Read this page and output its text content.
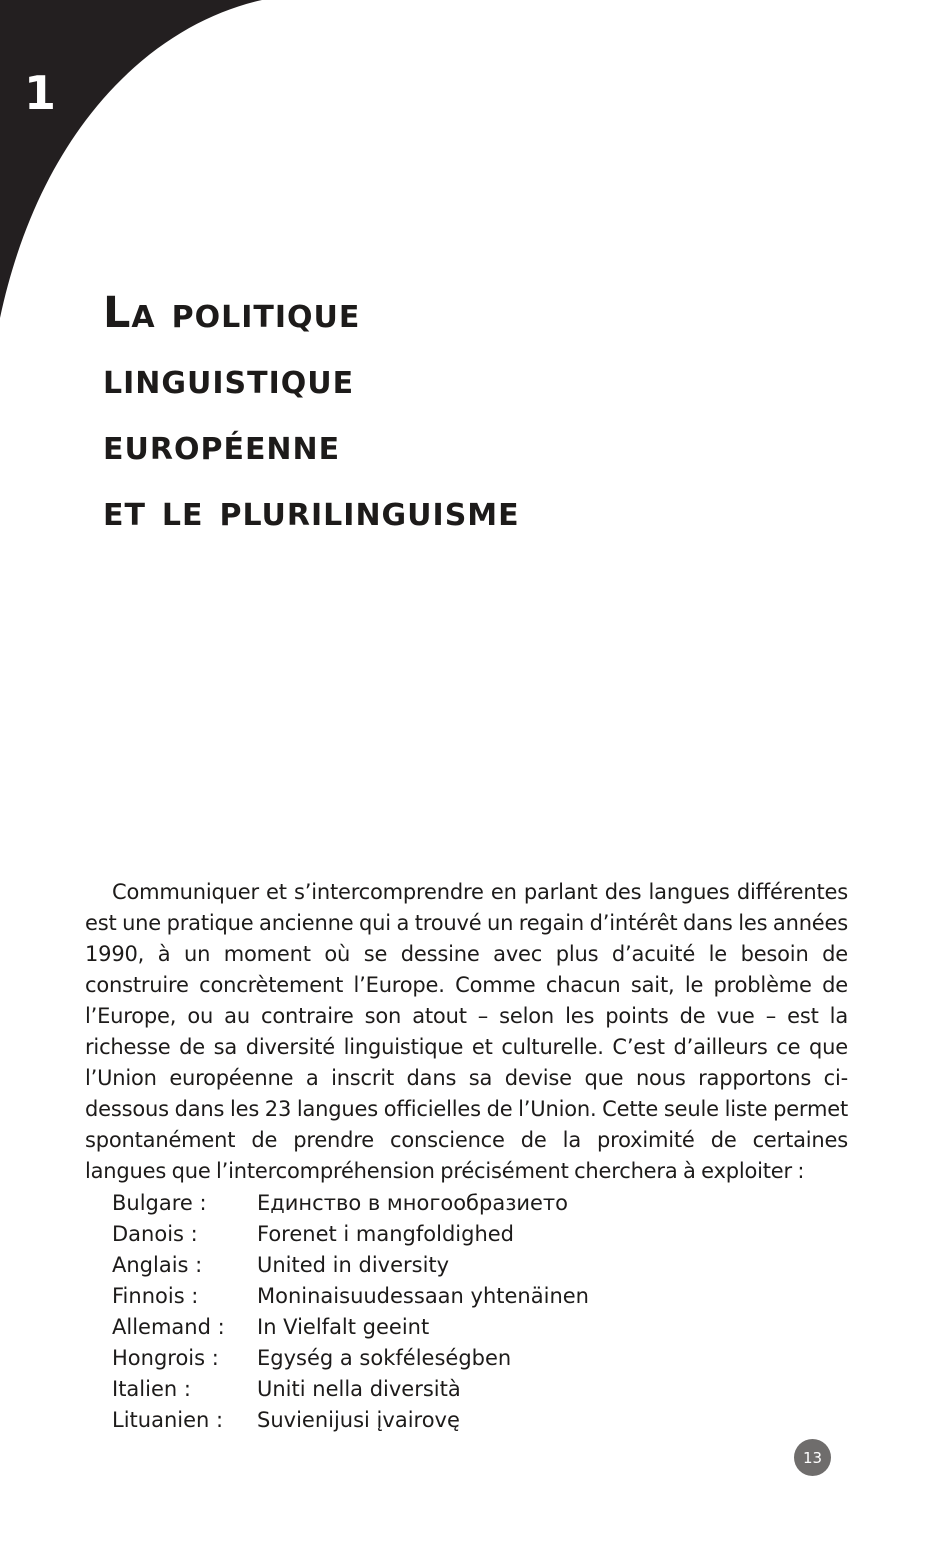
1
La politique
linguistique
européenne
et le plurilinguisme

Communiquer et s’intercomprendre en parlant des langues différentes est une pratique ancienne qui a trouvé un regain d’intérêt dans les années 1990, à un moment où se dessine avec plus d’acuité le besoin de construire concrètement l’Europe. Comme chacun sait, le problème de l’Europe, ou au contraire son atout – selon les points de vue – est la richesse de sa diversité linguistique et culturelle. C’est d’ailleurs ce que l’Union européenne a inscrit dans sa devise que nous rapportons ci-dessous dans les 23 langues officielles de l’Union. Cette seule liste permet spontanément de prendre conscience de la proximité de certaines langues que l’intercompréhension précisément cherchera à exploiter :

Bulgare :	Единство в многообразието
Danois :	Forenet i mangfoldighed
Anglais :	United in diversity
Finnois :	Moninaisuudessaan yhtenäinen
Allemand :	In Vielfalt geeint
Hongrois :	Egység a sokféleségben
Italien :	Uniti nella diversità
Lituanien :	Suvienijusi įvairovę
13
